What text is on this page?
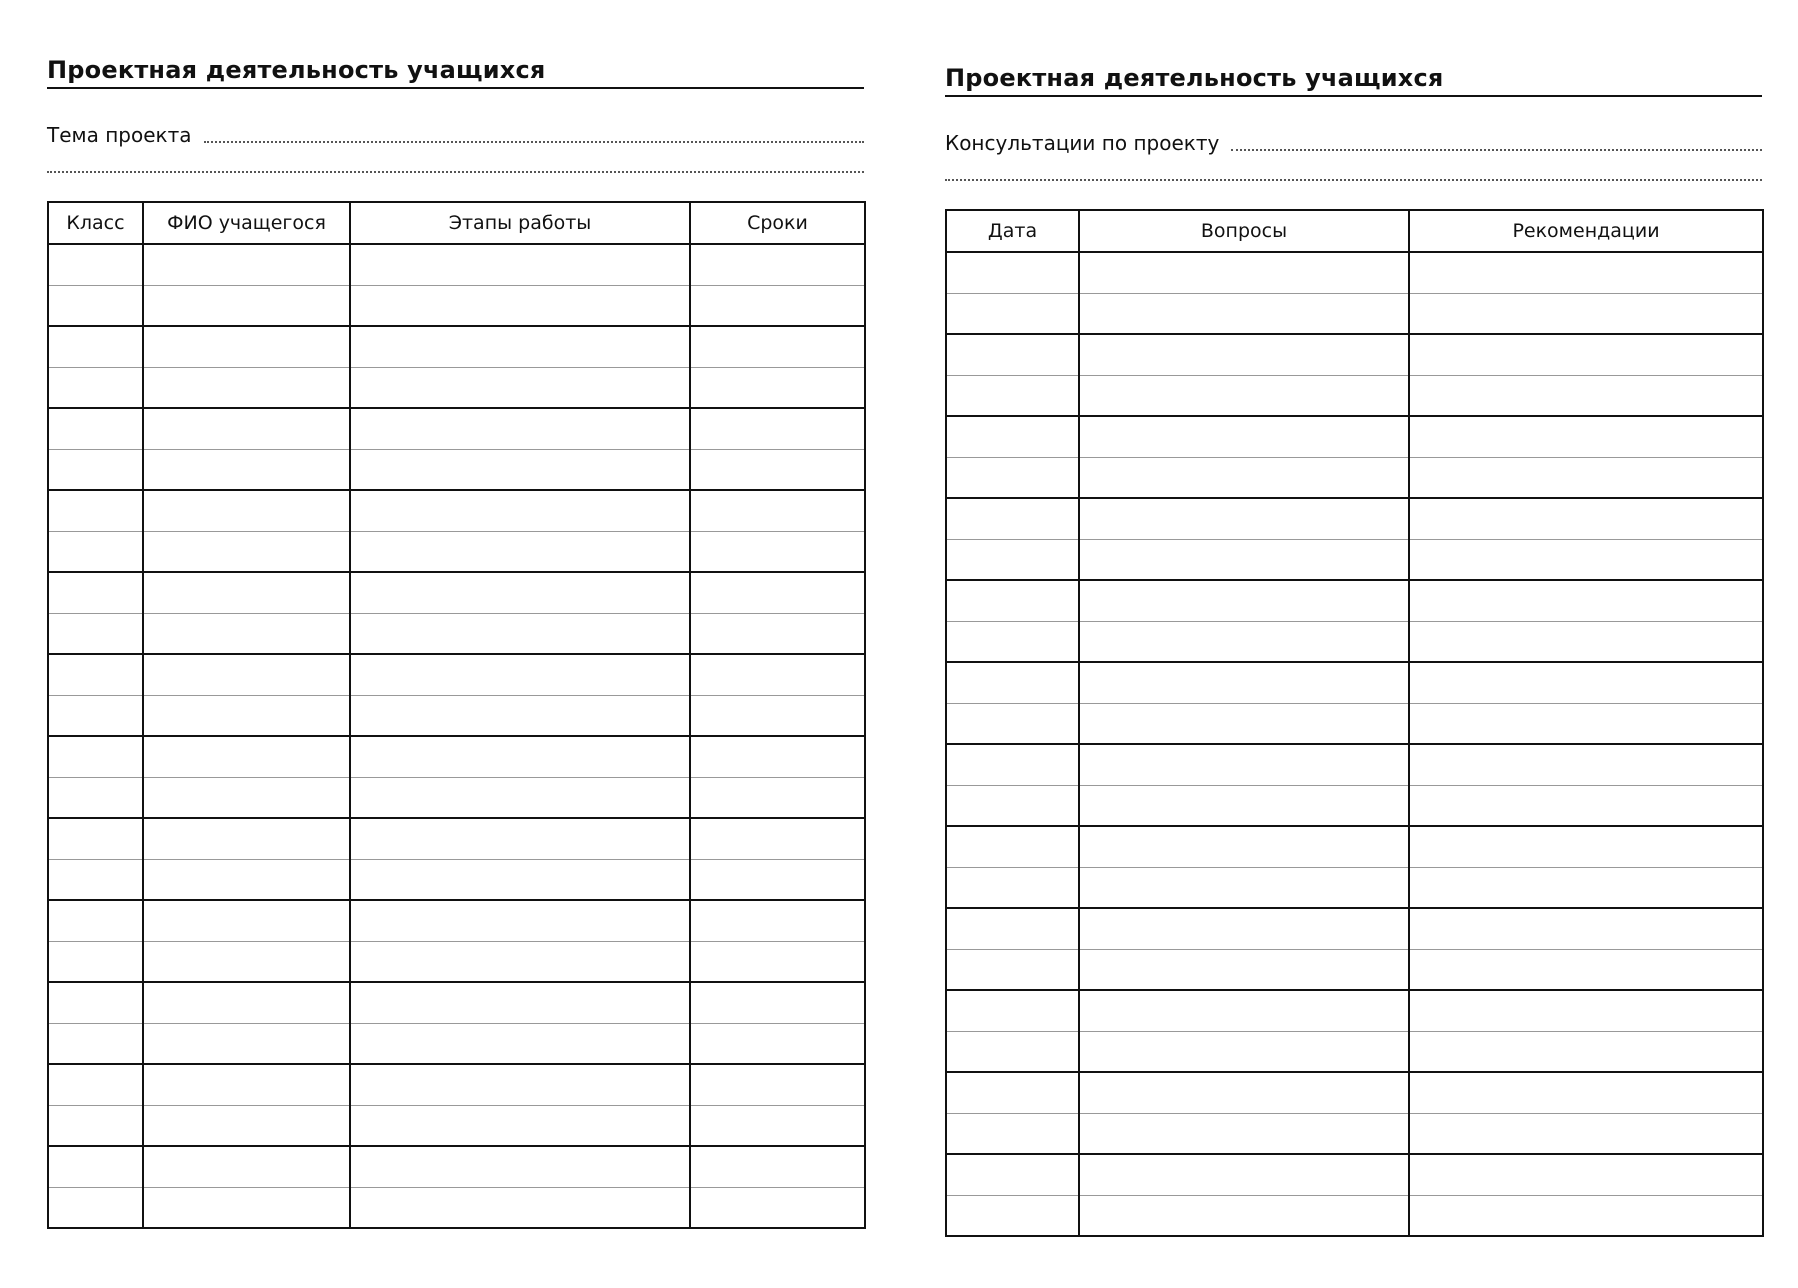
Проектная деятельность учащихся
Тема проекта
Класс	ФИО учащегося	Этапы работы	Сроки

Проектная деятельность учащихся
Консультации по проекту
Дата	Вопросы	Рекомендации
